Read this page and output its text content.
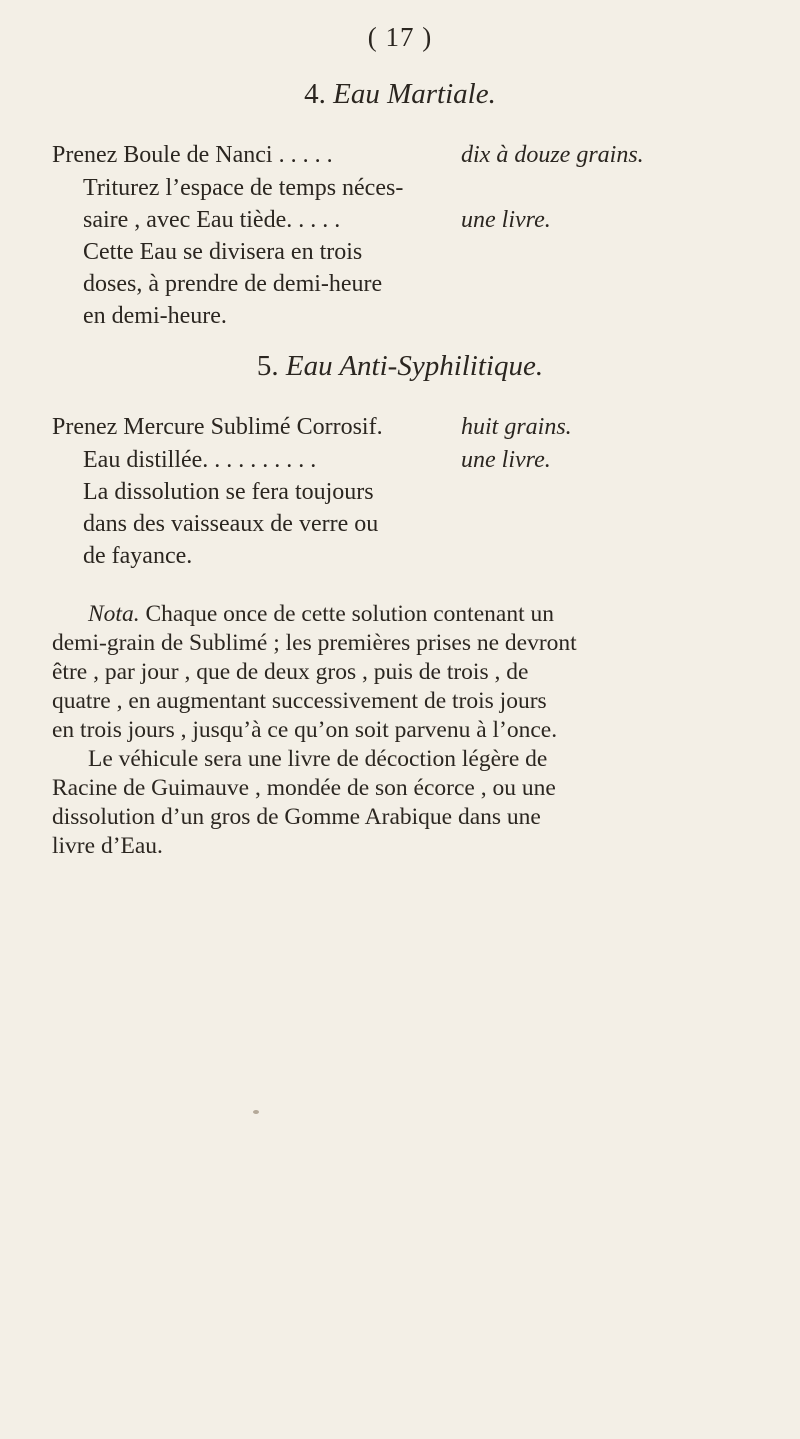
( 17 )
4. Eau Martiale.
Prenez Boule de Nanci . . . . .	dix à douze grains.
Triturez l’espace de temps néces-
saire , avec Eau tiède. . . . .	une livre.
Cette Eau se divisera en trois
doses, à prendre de demi-heure
en demi-heure.
5. Eau Anti-Syphilitique.
Prenez Mercure Sublimé Corrosif.	huit grains.
Eau distillée. . . . . . . . . .	une livre.
La dissolution se fera toujours
dans des vaisseaux de verre ou
de fayance.
Nota. Chaque once de cette solution contenant un
demi-grain de Sublimé ; les premières prises ne devront
être , par jour , que de deux gros , puis de trois , de
quatre , en augmentant successivement de trois jours
en trois jours , jusqu’à ce qu’on soit parvenu à l’once.
Le véhicule sera une livre de décoction légère de
Racine de Guimauve , mondée de son écorce , ou une
dissolution d’un gros de Gomme Arabique dans une
livre d’Eau.
